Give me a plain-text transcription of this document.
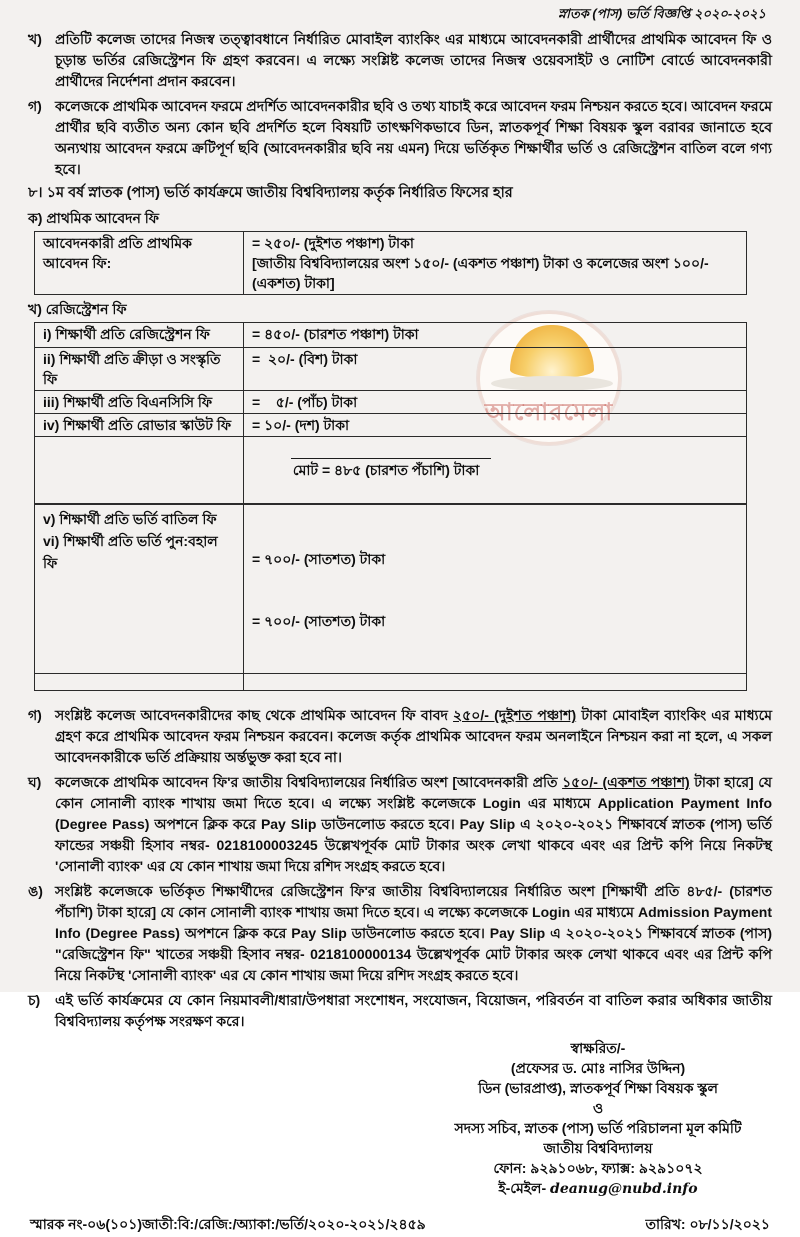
আলোরমেলা
স্নাতক (পাস) ভর্তি বিজ্ঞপ্তি ২০২০-২০২১
খ) প্রতিটি কলেজ তাদের নিজস্ব তত্ত্বাবধানে নির্ধারিত মোবাইল ব্যাংকিং এর মাধ্যমে আবেদনকারী প্রার্থীদের প্রাথমিক আবেদন ফি ও চূড়ান্ত ভর্তির রেজিস্ট্রেশন ফি গ্রহণ করবেন। এ লক্ষ্যে সংশ্লিষ্ট কলেজ তাদের নিজস্ব ওয়েবসাইট ও নোটিশ বোর্ডে আবেদনকারী প্রার্থীদের নির্দেশনা প্রদান করবেন।
গ) কলেজকে প্রাথমিক আবেদন ফরমে প্রদর্শিত আবেদনকারীর ছবি ও তথ্য যাচাই করে আবেদন ফরম নিশ্চয়ন করতে হবে। আবেদন ফরমে প্রার্থীর ছবি ব্যতীত অন্য কোন ছবি প্রদর্শিত হলে বিষয়টি তাৎক্ষণিকভাবে ডিন, স্নাতকপূর্ব শিক্ষা বিষয়ক স্কুল বরাবর জানাতে হবে অন্যথায় আবেদন ফরমে ক্রটিপূর্ণ ছবি (আবেদনকারীর ছবি নয় এমন) দিয়ে ভর্তিকৃত শিক্ষার্থীর ভর্তি ও রেজিস্ট্রেশন বাতিল বলে গণ্য হবে।
৮। ১ম বর্ষ স্নাতক (পাস) ভর্তি কার্যক্রমে জাতীয় বিশ্ববিদ্যালয় কর্তৃক নির্ধারিত ফিসের হার
ক) প্রাথমিক আবেদন ফি
আবেদনকারী প্রতি প্রাথমিক আবেদন ফি:	
= ২৫০/- (দুইশত পঞ্চাশ) টাকা
[জাতীয় বিশ্ববিদ্যালয়ের অংশ ১৫০/- (একশত পঞ্চাশ) টাকা ও কলেজের অংশ ১০০/-(একশত) টাকা]
খ) রেজিস্ট্রেশন ফি
i) শিক্ষার্থী প্রতি রেজিস্ট্রেশন ফি	= ৪৫০/- (চারশত পঞ্চাশ) টাকা
ii) শিক্ষার্থী প্রতি ক্রীড়া ও সংস্কৃতি ফি	=  ২০/- (বিশ) টাকা
iii) শিক্ষার্থী প্রতি বিএনসিসি ফি	=    ৫/- (পাঁচ) টাকা
iv) শিক্ষার্থী প্রতি রোভার স্কাউট ফি	= ১০/- (দশ) টাকা

মোট = ৪৮৫ (চারশত পঁচাশি) টাকা

v) শিক্ষার্থী প্রতি ভর্তি বাতিল ফি
vi) শিক্ষার্থী প্রতি ভর্তি পুন:বহাল ফি	= ৭০০/- (সাতশত) টাকা

= ৭০০/- (সাতশত) টাকা

গ) সংশ্লিষ্ট কলেজ আবেদনকারীদের কাছ থেকে প্রাথমিক আবেদন ফি বাবদ ২৫০/- (দুইশত পঞ্চাশ) টাকা মোবাইল ব্যাংকিং এর মাধ্যমে গ্রহণ করে প্রাথমিক আবেদন ফরম নিশ্চয়ন করবেন। কলেজ কর্তৃক প্রাথমিক আবেদন ফরম অনলাইনে নিশ্চয়ন করা না হলে, এ সকল আবেদনকারীকে ভর্তি প্রক্রিয়ায় অর্ন্তভুক্ত করা হবে না।
ঘ) কলেজকে প্রাথমিক আবেদন ফি'র জাতীয় বিশ্ববিদ্যালয়ের নির্ধারিত অংশ [আবেদনকারী প্রতি ১৫০/- (একশত পঞ্চাশ) টাকা হারে] যে কোন সোনালী ব্যাংক শাখায় জমা দিতে হবে। এ লক্ষ্যে সংশ্লিষ্ট কলেজকে Login এর মাধ্যমে Application Payment Info (Degree Pass) অপশনে ক্লিক করে Pay Slip ডাউনলোড করতে হবে। Pay Slip এ ২০২০-২০২১ শিক্ষাবর্ষে স্নাতক (পাস) ভর্তি ফান্ডের সঞ্চয়ী হিসাব নম্বর- 0218100003245 উল্লেখপূর্বক মোট টাকার অংক লেখা থাকবে এবং এর প্রিন্ট কপি নিয়ে নিকটস্থ 'সোনালী ব্যাংক' এর যে কোন শাখায় জমা দিয়ে রশিদ সংগ্রহ করতে হবে।
ঙ) সংশ্লিষ্ট কলেজকে ভর্তিকৃত শিক্ষার্থীদের রেজিস্ট্রেশন ফি'র জাতীয় বিশ্ববিদ্যালয়ের নির্ধারিত অংশ [শিক্ষার্থী প্রতি ৪৮৫/- (চারশত পঁচাশি) টাকা হারে] যে কোন সোনালী ব্যাংক শাখায় জমা দিতে হবে। এ লক্ষ্যে কলেজকে Login এর মাধ্যমে Admission Payment Info (Degree Pass) অপশনে ক্লিক করে Pay Slip ডাউনলোড করতে হবে। Pay Slip এ ২০২০-২০২১ শিক্ষাবর্ষে স্নাতক (পাস) "রেজিস্ট্রেশন ফি" খাতের সঞ্চয়ী হিসাব নম্বর- 0218100000134 উল্লেখপূর্বক মোট টাকার অংক লেখা থাকবে এবং এর প্রিন্ট কপি নিয়ে নিকটস্থ 'সোনালী ব্যাংক' এর যে কোন শাখায় জমা দিয়ে রশিদ সংগ্রহ করতে হবে।
চ)	এই ভর্তি কার্যক্রমের যে কোন নিয়মাবলী/ধারা/উপধারা সংশোধন, সংযোজন, বিয়োজন, পরিবর্তন বা বাতিল করার অধিকার জাতীয় বিশ্ববিদ্যালয় কর্তৃপক্ষ সংরক্ষণ করে।
স্বাক্ষরিত/-
(প্রফেসর ড. মোঃ নাসির উদ্দিন)
ডিন (ভারপ্রাপ্ত), স্নাতকপূর্ব শিক্ষা বিষয়ক স্কুল
ও
সদস্য সচিব, স্নাতক (পাস) ভর্তি পরিচালনা মূল কমিটি
জাতীয় বিশ্ববিদ্যালয়
ফোন: ৯২৯১০৬৮, ফ্যাক্স: ৯২৯১০৭২
ই-মেইল- deanug@nubd.info
স্মারক নং-০৬(১০১)জাতী:বি:/রেজি:/অ্যাকা:/ভর্তি/২০২০-২০২১/২৪৫৯	তারিখ: ০৮/১১/২০২১
